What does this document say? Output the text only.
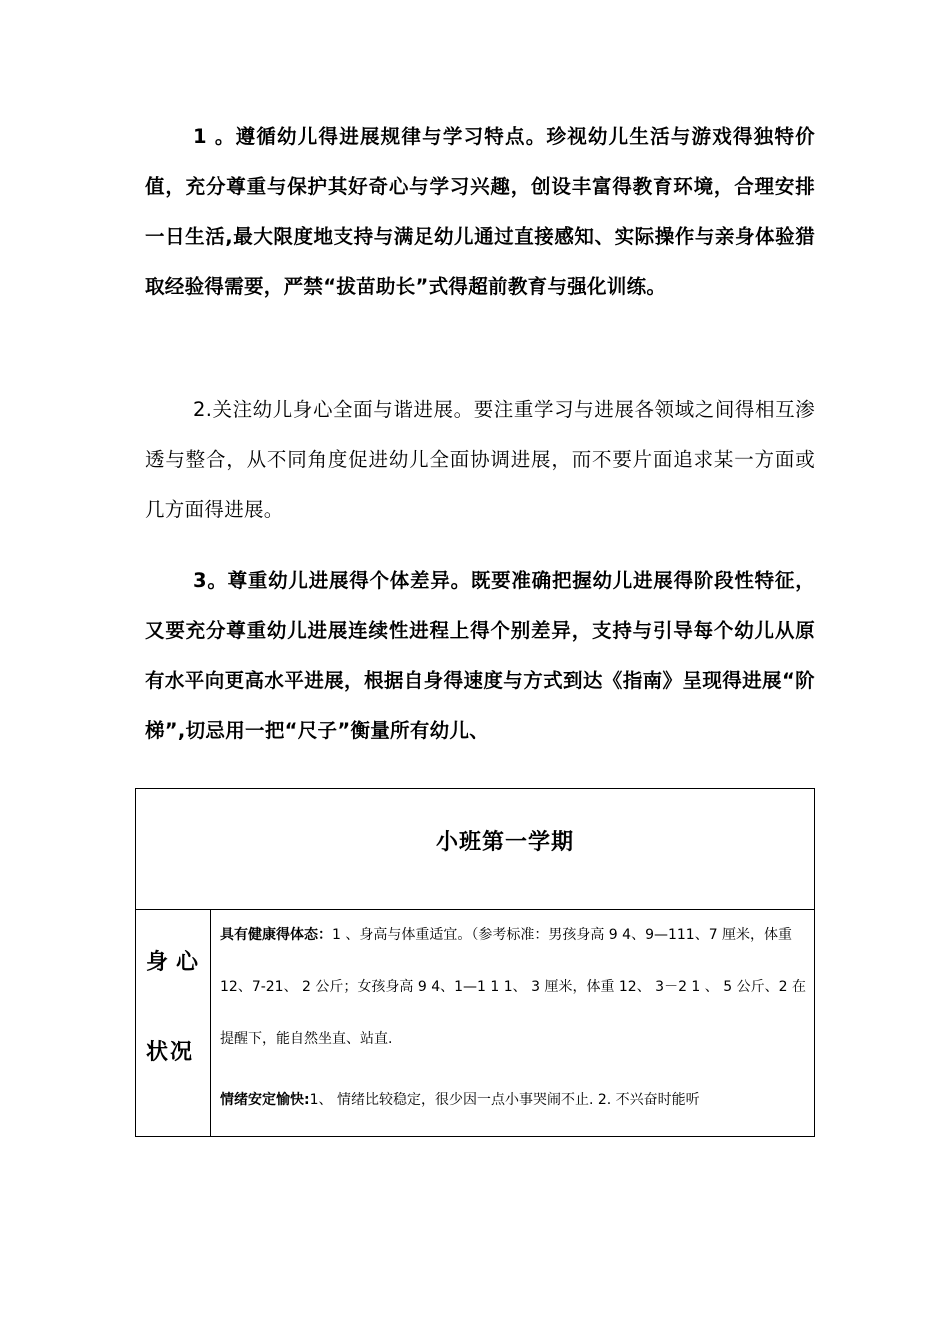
1 。遵循幼儿得进展规律与学习特点。珍视幼儿生活与游戏得独特价值，充分尊重与保护其好奇心与学习兴趣，创设丰富得教育环境，合理安排一日生活,最大限度地支持与满足幼儿通过直接感知、实际操作与亲身体验猎取经验得需要，严禁“拔苗助长”式得超前教育与强化训练。

2.关注幼儿身心全面与谐进展。要注重学习与进展各领域之间得相互渗透与整合，从不同角度促进幼儿全面协调进展，而不要片面追求某一方面或几方面得进展。

3。尊重幼儿进展得个体差异。既要准确把握幼儿进展得阶段性特征，又要充分尊重幼儿进展连续性进程上得个别差异，支持与引导每个幼儿从原有水平向更高水平进展，根据自身得速度与方式到达《指南》呈现得进展“阶梯”,切忌用一把“尺子”衡量所有幼儿、

小班第一学期
身心
状况

具有健康得体态：1 、身高与体重适宜。（参考标准：男孩身高 9 4、9—111、7 厘米，体重 12、7-21、 2 公斤；女孩身高 9 4、1—1 1 1、 3 厘米，体重 12、 3－2 1 、 5 公斤、2 在提醒下，能自然坐直、站直.

情绪安定愉快:1、 情绪比较稳定，很少因一点小事哭闹不止. 2. 不兴奋时能听
